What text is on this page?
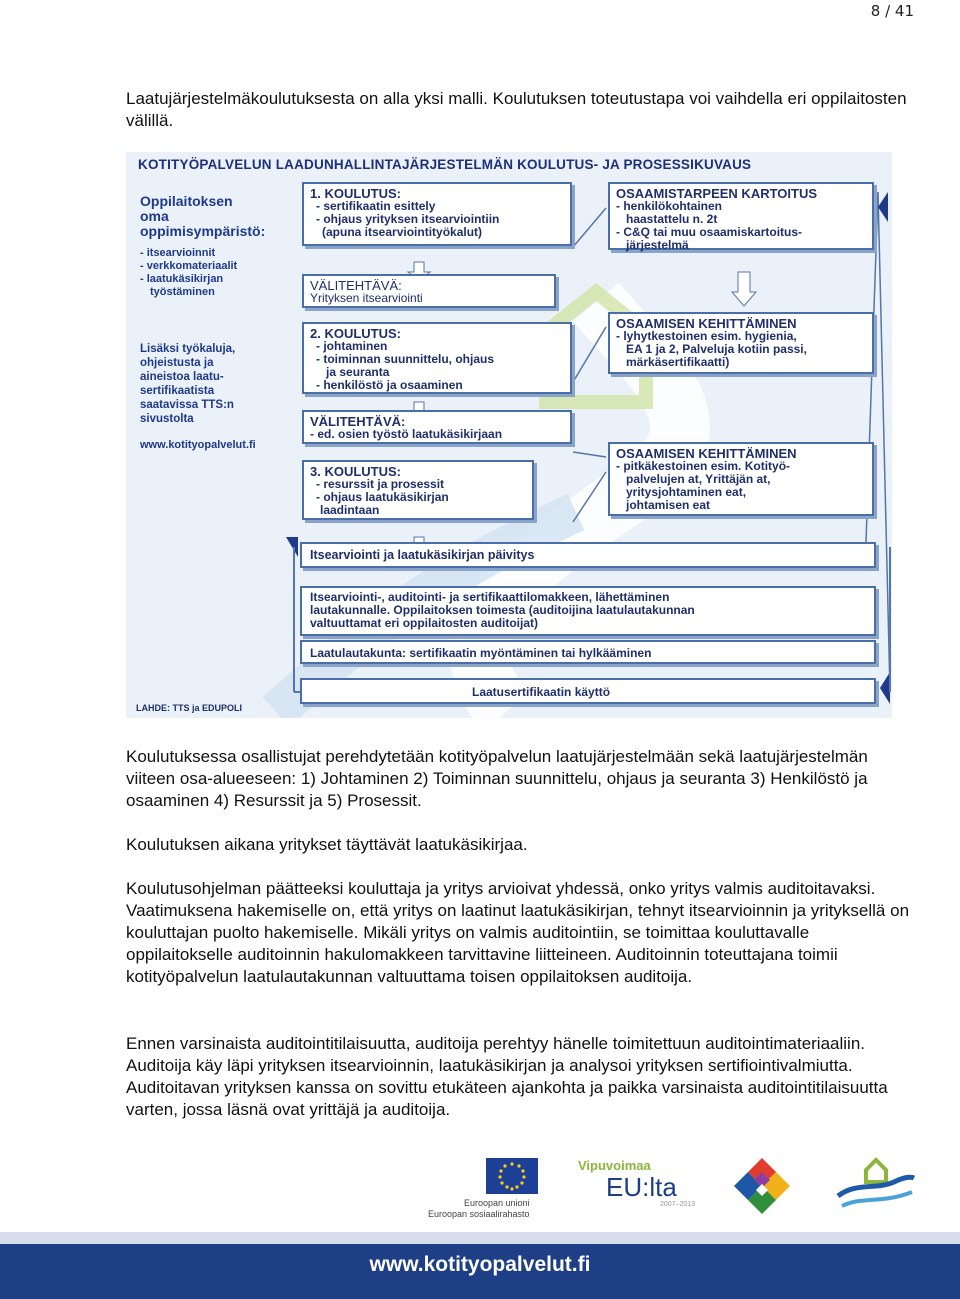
8 / 41
Laatujärjestelmäkoulutuksesta on alla yksi malli. Koulutuksen toteutustapa voi vaihdella eri oppilaitosten välillä.
KOTITYÖPALVELUN LAADUNHALLINTAJÄRJESTELMÄN KOULUTUS- JA PROSESSIKUVAUS
Oppilaitoksen
oma
oppimisympäristö:
- itsearvioinnit
- verkkomateriaalit
- laatukäsikirjan
työstäminen
Lisäksi työkaluja,
ohjeistusta ja
aineistoa laatu-
sertifikaatista
saatavissa TTS:n
sivustolta
www.kotityopalvelut.fi
1. KOULUTUS:
- sertifikaatin esittely
- ohjaus yrityksen itsearviointiin
(apuna itsearviointityökalut)
VÄLITEHTÄVÄ:
Yrityksen itsearviointi
2. KOULUTUS:
- johtaminen
- toiminnan suunnittelu, ohjaus
ja seuranta
- henkilöstö ja osaaminen
VÄLITEHTÄVÄ:
- ed. osien työstö laatukäsikirjaan
3. KOULUTUS:
- resurssit ja prosessit
- ohjaus laatukäsikirjan
laadintaan
OSAAMISTARPEEN KARTOITUS
- henkilökohtainen
haastattelu n. 2t
- C&Q tai muu osaamiskartoitus-
järjestelmä
OSAAMISEN KEHITTÄMINEN
- lyhytkestoinen esim. hygienia,
EA 1 ja 2, Palveluja kotiin passi,
märkäsertifikaatti)
OSAAMISEN KEHITTÄMINEN
- pitkäkestoinen esim. Kotityö-
palvelujen at, Yrittäjän at,
yritysjohtaminen eat,
johtamisen eat
Itsearviointi ja laatukäsikirjan päivitys
Itsearviointi-, auditointi- ja sertifikaattilomakkeen, lähettäminen
lautakunnalle. Oppilaitoksen toimesta (auditoijina laatulautakunnan
valtuuttamat eri oppilaitosten auditoijat)
Laatulautakunta: sertifikaatin myöntäminen tai hylkääminen
Laatusertifikaatin käyttö
LAHDE: TTS ja EDUPOLI
Koulutuksessa osallistujat perehdytetään kotityöpalvelun laatujärjestelmään sekä laatujärjestelmän viiteen osa-alueeseen: 1) Johtaminen 2) Toiminnan suunnittelu, ohjaus ja seuranta 3) Henkilöstö ja osaaminen 4) Resurssit ja 5) Prosessit.
Koulutuksen aikana yritykset täyttävät laatukäsikirjaa.
Koulutusohjelman päätteeksi kouluttaja ja yritys arvioivat yhdessä, onko yritys valmis auditoitavaksi. Vaatimuksena hakemiselle on, että yritys on laatinut laatukäsikirjan, tehnyt itsearvioinnin ja yrityksellä on kouluttajan puolto hakemiselle. Mikäli yritys on valmis auditointiin, se toimittaa kouluttavalle oppilaitokselle auditoinnin hakulomakkeen tarvittavine liitteineen. Auditoinnin toteuttajana toimii kotityöpalvelun laatulautakunnan valtuuttama toisen oppilaitoksen auditoija.
Ennen varsinaista auditointitilaisuutta, auditoija perehtyy hänelle toimitettuun auditointimateriaaliin. Auditoija käy läpi yrityksen itsearvioinnin, laatukäsikirjan ja analysoi yrityksen sertifiointivalmiutta. Auditoitavan yrityksen kanssa on sovittu etukäteen ajankohta ja paikka varsinaista auditointitilaisuutta varten, jossa läsnä ovat yrittäjä ja auditoija.
Euroopan unioni
Euroopan sosiaalirahasto
Vipuvoimaa
EU:lta
2007–2013
www.kotityopalvelut.fi
